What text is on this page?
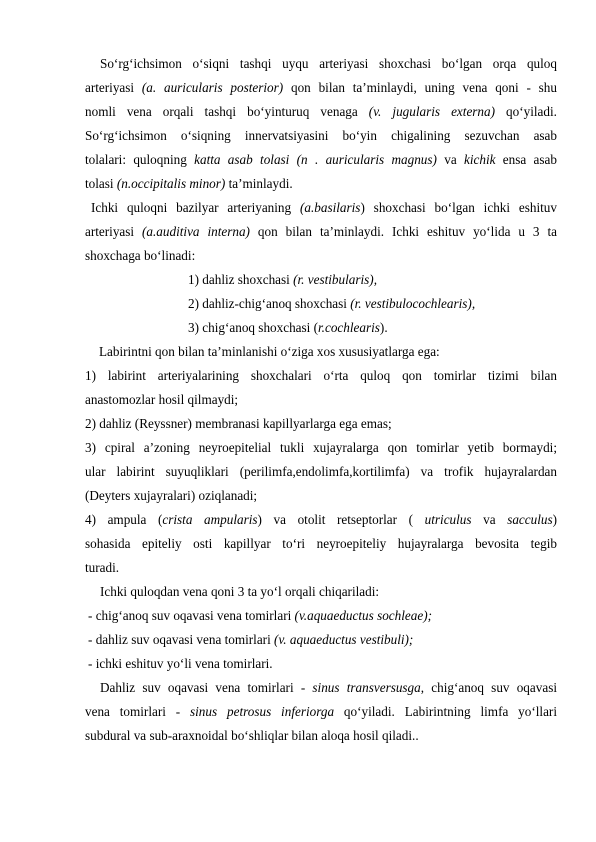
So‘rg‘ichsimon o‘siqni tashqi uyqu arteriyasi shoxchasi bo‘lgan orqa quloq
arteriyasi (a. auricularis posterior) qon bilan ta’minlaydi, uning vena qoni - shu
nomli vena orqali tashqi bo‘yinturuq venaga (v. jugularis externa) qo‘yiladi.
So‘rg‘ichsimon o‘siqning innervatsiyasini bo‘yin chigalining sezuvchan asab
tolalari: quloqning katta asab tolasi (n . auricularis magnus) va kichik ensa asab
tolasi (n.occipitalis minor) ta’minlaydi.
Ichki quloqni bazilyar arteriyaning (a.basilaris) shoxchasi bo‘lgan ichki eshituv
arteriyasi (a.auditiva interna) qon bilan ta’minlaydi. Ichki eshituv yo‘lida u 3 ta
shoxchaga bo‘linadi:
1) dahliz shoxchasi (r. vestibularis),
2) dahliz-chig‘anoq shoxchasi (r. vestibulocochlearis),
3) chig‘anoq shoxchasi (r.cochlearis).
Labirintni qon bilan ta’minlanishi o‘ziga xos xususiyatlarga ega:
1) labirint arteriyalarining shoxchalari o‘rta quloq qon tomirlar tizimi bilan
anastomozlar hosil qilmaydi;
2) dahliz (Reyssner) membranasi kapillyarlarga ega emas;
3) cpiral a’zoning neyroepitelial tukli xujayralarga qon tomirlar yetib bormaydi;
ular labirint suyuqliklari (perilimfa,endolimfa,kortilimfa) va trofik hujayralardan
(Deyters xujayralari) oziqlanadi;
4) ampula (crista ampularis) va otolit retseptorlar ( utriculus va sacculus)
sohasida epiteliy osti kapillyar to‘ri neyroepiteliy hujayralarga bevosita tegib
turadi.
Ichki quloqdan vena qoni 3 ta yo‘l orqali chiqariladi:
- chig‘anoq suv oqavasi vena tomirlari (v.aquaeductus sochleae);
- dahliz suv oqavasi vena tomirlari (v. aquaeductus vestibuli);
- ichki eshituv yo‘li vena tomirlari.
Dahliz suv oqavasi vena tomirlari - sinus transversusga, chig‘anoq suv oqavasi
vena tomirlari - sinus petrosus inferiorga qo‘yiladi. Labirintning limfa yo‘llari
subdural va sub-araxnoidal bo‘shliqlar bilan aloqa hosil qiladi..
